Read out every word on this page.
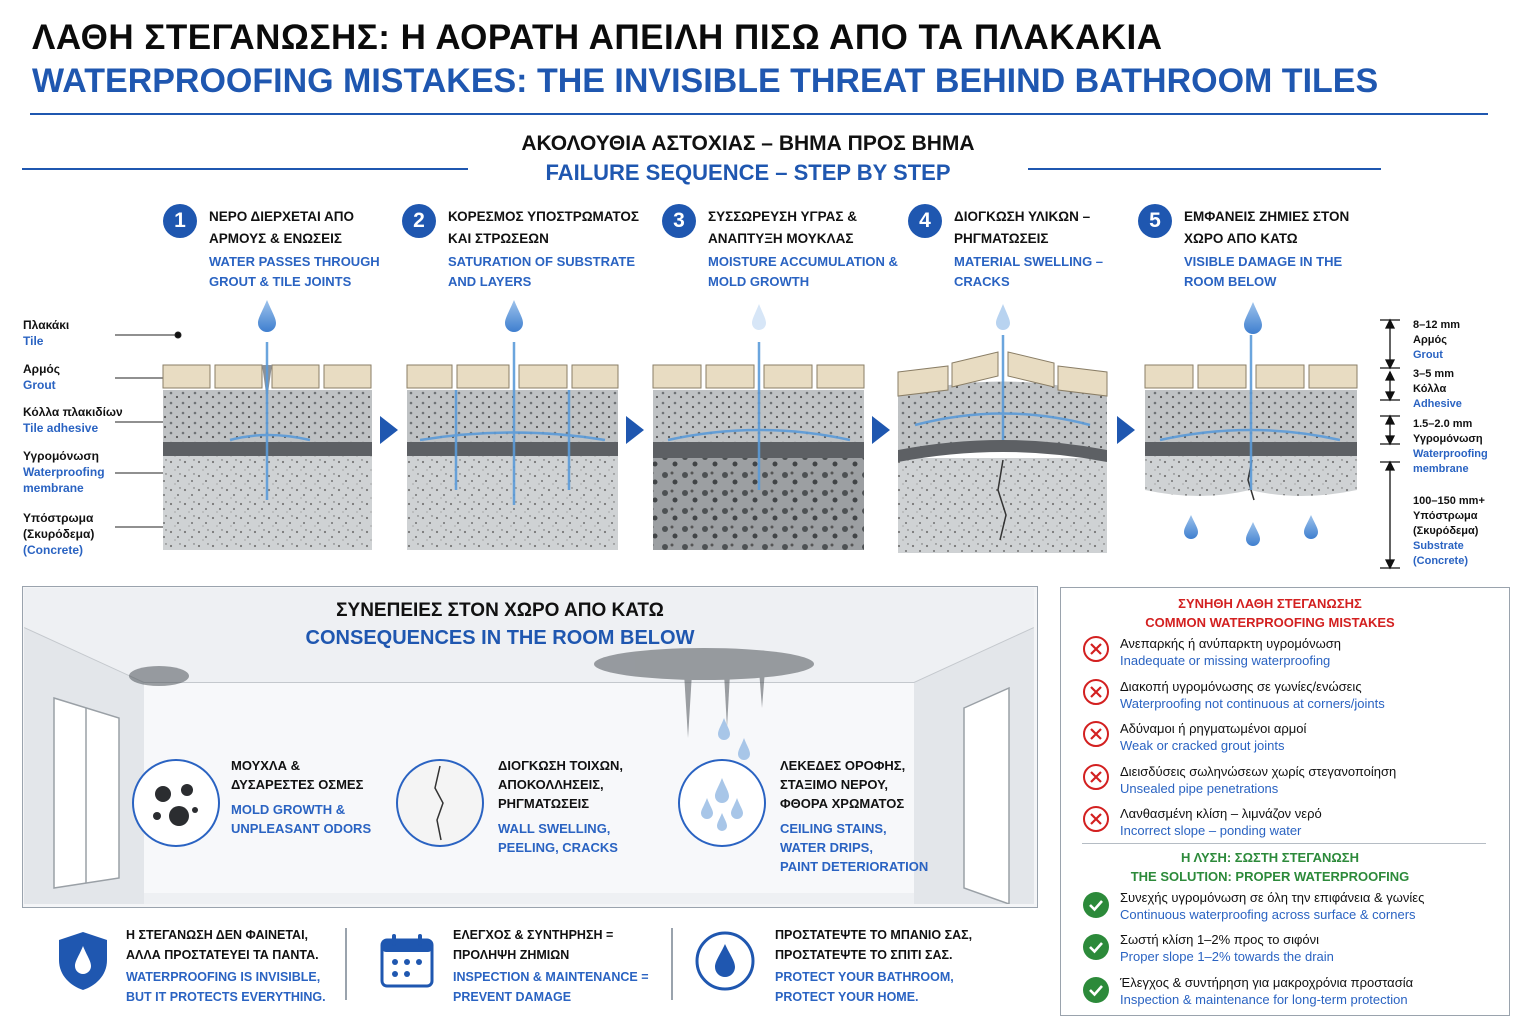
ΛΑΘΗ ΣΤΕΓΑΝΩΣΗΣ: Η ΑΟΡΑΤΗ ΑΠΕΙΛΗ ΠΙΣΩ ΑΠΟ ΤΑ ΠΛΑΚΑΚΙΑ
WATERPROOFING MISTAKES: THE INVISIBLE THREAT BEHIND BATHROOM TILES
ΑΚΟΛΟΥΘΙΑ ΑΣΤΟΧΙΑΣ – ΒΗΜΑ ΠΡΟΣ ΒΗΜΑ
FAILURE SEQUENCE – STEP BY STEP
1	ΝΕΡΟ ΔΙΕΡΧΕΤΑΙ ΑΠΟ
ΑΡΜΟΥΣ & ΕΝΩΣΕΙΣ
WATER PASSES THROUGH
GROUT & TILE JOINTS
2	ΚΟΡΕΣΜΟΣ ΥΠΟΣΤΡΩΜΑΤΟΣ
ΚΑΙ ΣΤΡΩΣΕΩΝ
SATURATION OF SUBSTRATE
AND LAYERS
3	ΣΥΣΣΩΡΕΥΣΗ ΥΓΡΑΣ &
ΑΝΑΠΤΥΞΗ ΜΟΥΚΛΑΣ
MOISTURE ACCUMULATION &
MOLD GROWTH
4	ΔΙΟΓΚΩΣΗ ΥΛΙΚΩΝ –
ΡΗΓΜΑΤΩΣΕΙΣ
MATERIAL SWELLING –
CRACKS
5	ΕΜΦΑΝΕΙΣ ΖΗΜΙΕΣ ΣΤΟΝ
ΧΩΡΟ ΑΠΟ ΚΑΤΩ
VISIBLE DAMAGE IN THE
ROOM BELOW
Πλακάκι
Tile
Αρμός
Grout
Κόλλα πλακιδίων
Tile adhesive
Υγρομόνωση
Waterproofing
membrane
Υπόστρωμα
(Σκυρόδεμα)
(Concrete)
8–12 mm
Αρμός
Grout
3–5 mm
Κόλλα
Adhesive
1.5–2.0 mm
Υγρομόνωση
Waterproofing
membrane
100–150 mm+
Υπόστρωμα
(Σκυρόδεμα)
Substrate
(Concrete)
ΣΥΝΕΠΕΙΕΣ ΣΤΟΝ ΧΩΡΟ ΑΠΟ ΚΑΤΩ
CONSEQUENCES IN THE ROOM BELOW
ΜΟΥΧΛΑ &
ΔΥΣΑΡΕΣΤΕΣ ΟΣΜΕΣ
MOLD GROWTH &
UNPLEASANT ODORS
ΔΙΟΓΚΩΣΗ ΤΟΙΧΩΝ,
ΑΠΟΚΟΛΛΗΣΕΙΣ,
ΡΗΓΜΑΤΩΣΕΙΣ
WALL SWELLING,
PEELING, CRACKS
ΛΕΚΕΔΕΣ ΟΡΟΦΗΣ,
ΣΤΑΞΙΜΟ ΝΕΡΟΥ,
ΦΘΟΡΑ ΧΡΩΜΑΤΟΣ
CEILING STAINS,
WATER DRIPS,
PAINT DETERIORATION
ΣΥΝΗΘΗ ΛΑΘΗ ΣΤΕΓΑΝΩΣΗΣ
COMMON WATERPROOFING MISTAKES
Ανεπαρκής ή ανύπαρκτη υγρομόνωση
Inadequate or missing waterproofing
Διακοπή υγρομόνωσης σε γωνίες/ενώσεις
Waterproofing not continuous at corners/joints
Αδύναμοι ή ρηγματωμένοι αρμοί
Weak or cracked grout joints
Διεισδύσεις σωληνώσεων χωρίς στεγανοποίηση
Unsealed pipe penetrations
Λανθασμένη κλίση – λιμνάζον νερό
Incorrect slope – ponding water
Η ΛΥΣΗ: ΣΩΣΤΗ ΣΤΕΓΑΝΩΣΗ
THE SOLUTION: PROPER WATERPROOFING
Συνεχής υγρομόνωση σε όλη την επιφάνεια & γωνίες
Continuous waterproofing across surface & corners
Σωστή κλίση 1–2% προς το σιφόνι
Proper slope 1–2% towards the drain
Έλεγχος & συντήρηση για μακροχρόνια προστασία
Inspection & maintenance for long-term protection
Η ΣΤΕΓΑΝΩΣΗ ΔΕΝ ΦΑΙΝΕΤΑΙ,
ΑΛΛΑ ΠΡΟΣΤΑΤΕΥΕΙ ΤΑ ΠΑΝΤΑ.
WATERPROOFING IS INVISIBLE,
BUT IT PROTECTS EVERYTHING.
ΕΛΕΓΧΟΣ & ΣΥΝΤΗΡΗΣΗ =
ΠΡΟΛΗΨΗ ΖΗΜΙΩΝ
INSPECTION & MAINTENANCE =
PREVENT DAMAGE
ΠΡΟΣΤΑΤΕΨΤΕ ΤΟ ΜΠΑΝΙΟ ΣΑΣ,
ΠΡΟΣΤΑΤΕΨΤΕ ΤΟ ΣΠΙΤΙ ΣΑΣ.
PROTECT YOUR BATHROOM,
PROTECT YOUR HOME.
